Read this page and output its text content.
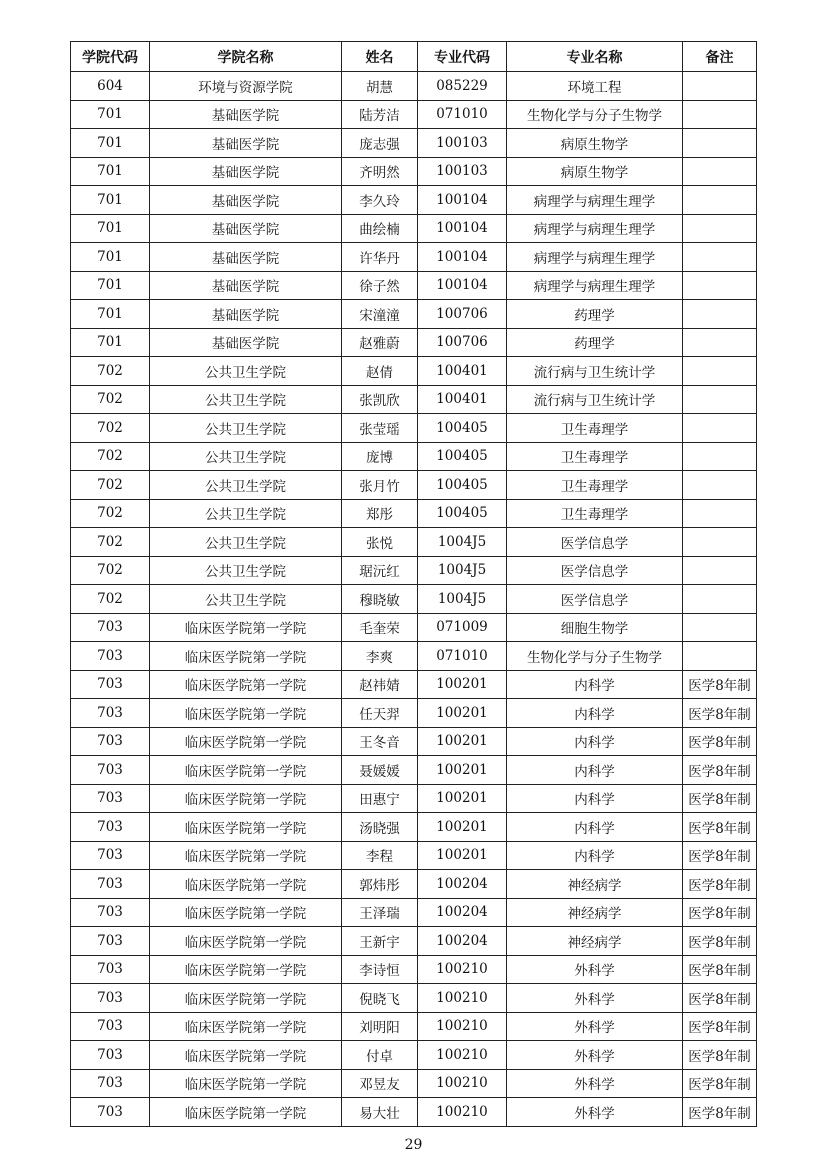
学院代码	学院名称	姓名	专业代码	专业名称	备注
604	环境与资源学院	胡慧	085229	环境工程	
701	基础医学院	陆芳洁	071010	生物化学与分子生物学	
701	基础医学院	庞志强	100103	病原生物学	
701	基础医学院	齐明然	100103	病原生物学	
701	基础医学院	李久玲	100104	病理学与病理生理学	
701	基础医学院	曲绘楠	100104	病理学与病理生理学	
701	基础医学院	许华丹	100104	病理学与病理生理学	
701	基础医学院	徐子然	100104	病理学与病理生理学	
701	基础医学院	宋潼潼	100706	药理学	
701	基础医学院	赵雅蔚	100706	药理学	
702	公共卫生学院	赵倩	100401	流行病与卫生统计学	
702	公共卫生学院	张凯欣	100401	流行病与卫生统计学	
702	公共卫生学院	张莹瑶	100405	卫生毒理学	
702	公共卫生学院	庞博	100405	卫生毒理学	
702	公共卫生学院	张月竹	100405	卫生毒理学	
702	公共卫生学院	郑彤	100405	卫生毒理学	
702	公共卫生学院	张悦	1004J5	医学信息学	
702	公共卫生学院	琚沅红	1004J5	医学信息学	
702	公共卫生学院	穆晓敏	1004J5	医学信息学	
703	临床医学院第一学院	毛奎荣	071009	细胞生物学	
703	临床医学院第一学院	李爽	071010	生物化学与分子生物学	
703	临床医学院第一学院	赵祎婧	100201	内科学	医学8年制
703	临床医学院第一学院	任天羿	100201	内科学	医学8年制
703	临床医学院第一学院	王冬音	100201	内科学	医学8年制
703	临床医学院第一学院	聂媛媛	100201	内科学	医学8年制
703	临床医学院第一学院	田惠宁	100201	内科学	医学8年制
703	临床医学院第一学院	汤晓强	100201	内科学	医学8年制
703	临床医学院第一学院	李程	100201	内科学	医学8年制
703	临床医学院第一学院	郭炜彤	100204	神经病学	医学8年制
703	临床医学院第一学院	王泽瑞	100204	神经病学	医学8年制
703	临床医学院第一学院	王新宇	100204	神经病学	医学8年制
703	临床医学院第一学院	李诗恒	100210	外科学	医学8年制
703	临床医学院第一学院	倪晓飞	100210	外科学	医学8年制
703	临床医学院第一学院	刘明阳	100210	外科学	医学8年制
703	临床医学院第一学院	付卓	100210	外科学	医学8年制
703	临床医学院第一学院	邓昱友	100210	外科学	医学8年制
703	临床医学院第一学院	易大壮	100210	外科学	医学8年制
29
